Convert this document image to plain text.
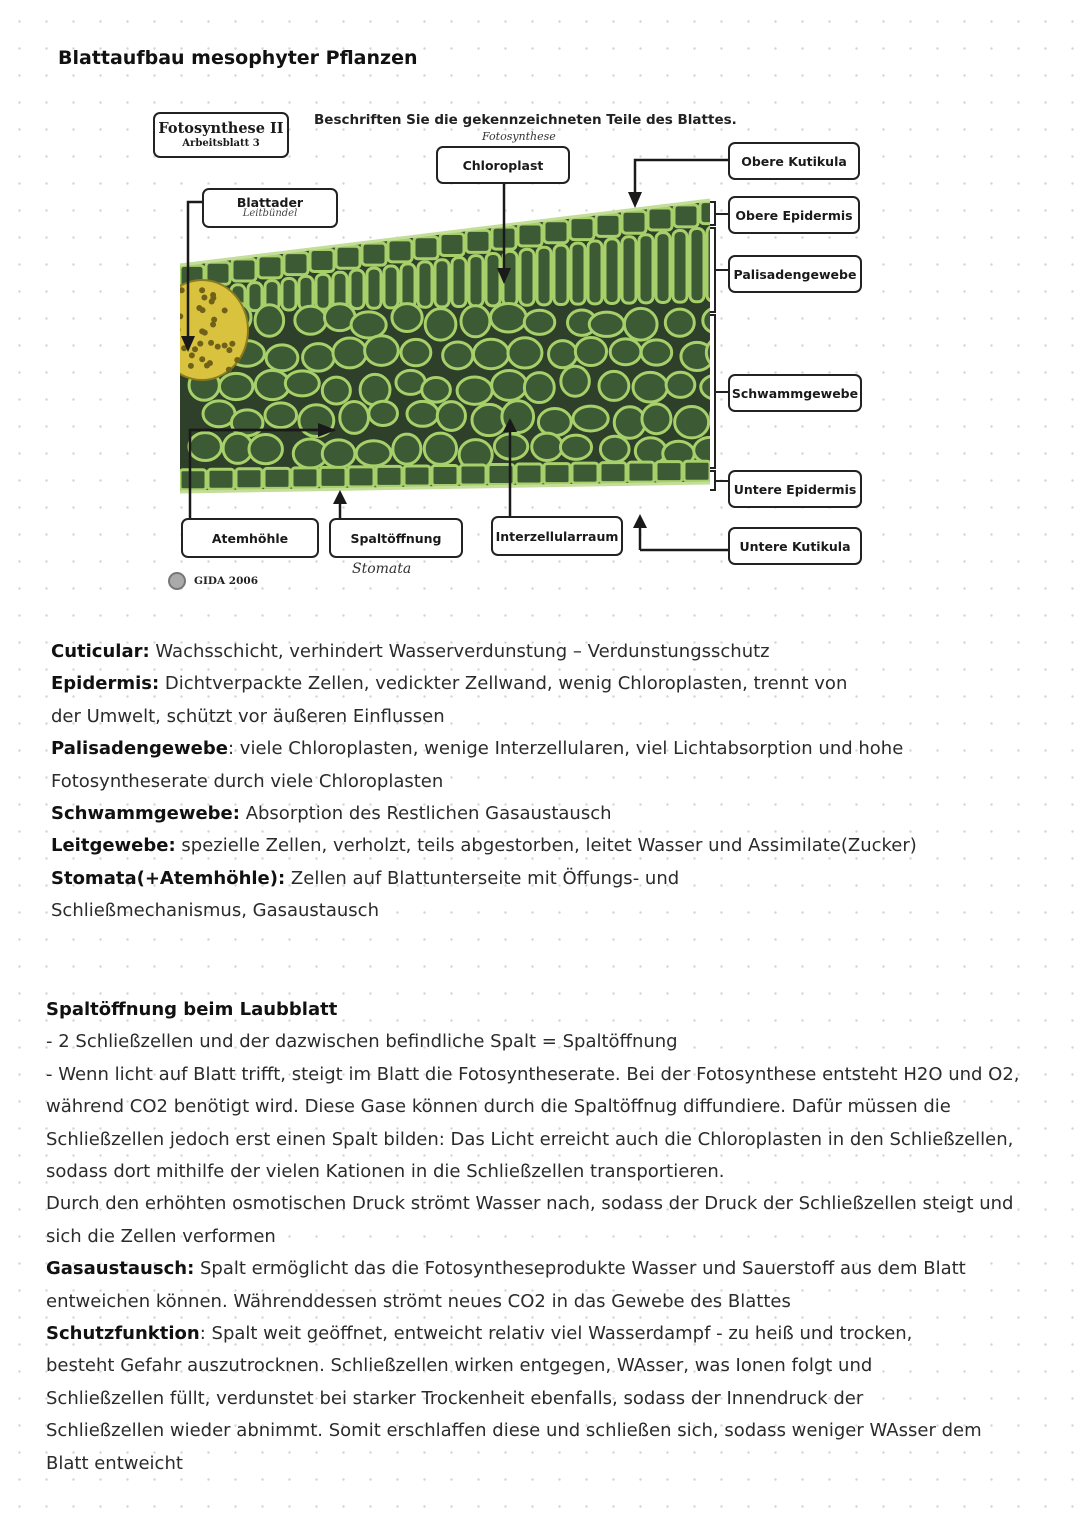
Blattaufbau mesophyter Pflanzen
Fotosynthese II
Arbeitsblatt 3
Beschriften Sie die gekennzeichneten Teile des Blattes.
Fotosynthese
Chloroplast
Blattader
Leitbündel
Obere Kutikula
Obere Epidermis
Palisadengewebe
Schwammgewebe
Untere Epidermis
Untere Kutikula
Atemhöhle	Spaltöffnung
Stomata
Interzellularraum
GIDA 2006

Cuticular: Wachsschicht, verhindert Wasserverdunstung – Verdunstungsschutz

Epidermis: Dichtverpackte Zellen, vedickter Zellwand, wenig Chloroplasten, trennt von der Umwelt, schützt vor äußeren Einflussen

Palisadengewebe: viele Chloroplasten, wenige Interzellularen, viel Lichtabsorption und hohe Fotosyntheserate durch viele Chloroplasten

Schwammgewebe: Absorption des Restlichen Gasaustausch

Leitgewebe: spezielle Zellen, verholzt, teils abgestorben, leitet Wasser und Assimilate(Zucker)

Stomata(+Atemhöhle): Zellen auf Blattunterseite mit Öffungs- und Schließmechanismus, Gasaustausch

Spaltöffnung beim Laubblatt

- 2 Schließzellen und der dazwischen befindliche Spalt = Spaltöffnung

- Wenn licht auf Blatt trifft, steigt im Blatt die Fotosyntheserate. Bei der Fotosynthese entsteht H2O und O2, während CO2 benötigt wird. Diese Gase können durch die Spaltöffnug diffundiere. Dafür müssen die Schließzellen jedoch erst einen Spalt bilden: Das Licht erreicht auch die Chloroplasten in den Schließzellen, sodass dort mithilfe der vielen Kationen in die Schließzellen transportieren.

Durch den erhöhten osmotischen Druck strömt Wasser nach, sodass der Druck der Schließzellen steigt und sich die Zellen verformen

Gasaustausch: Spalt ermöglicht das die Fotosyntheseprodukte Wasser und Sauerstoff aus dem Blatt entweichen können. Währenddessen strömt neues CO2 in das Gewebe des Blattes

Schutzfunktion: Spalt weit geöffnet, entweicht relativ viel Wasserdampf - zu heiß und trocken, besteht Gefahr auszutrocknen. Schließzellen wirken entgegen, WAsser, was Ionen folgt und Schließzellen füllt, verdunstet bei starker Trockenheit ebenfalls, sodass der Innendruck der Schließzellen wieder abnimmt. Somit erschlaffen diese und schließen sich, sodass weniger WAsser dem Blatt entweicht
